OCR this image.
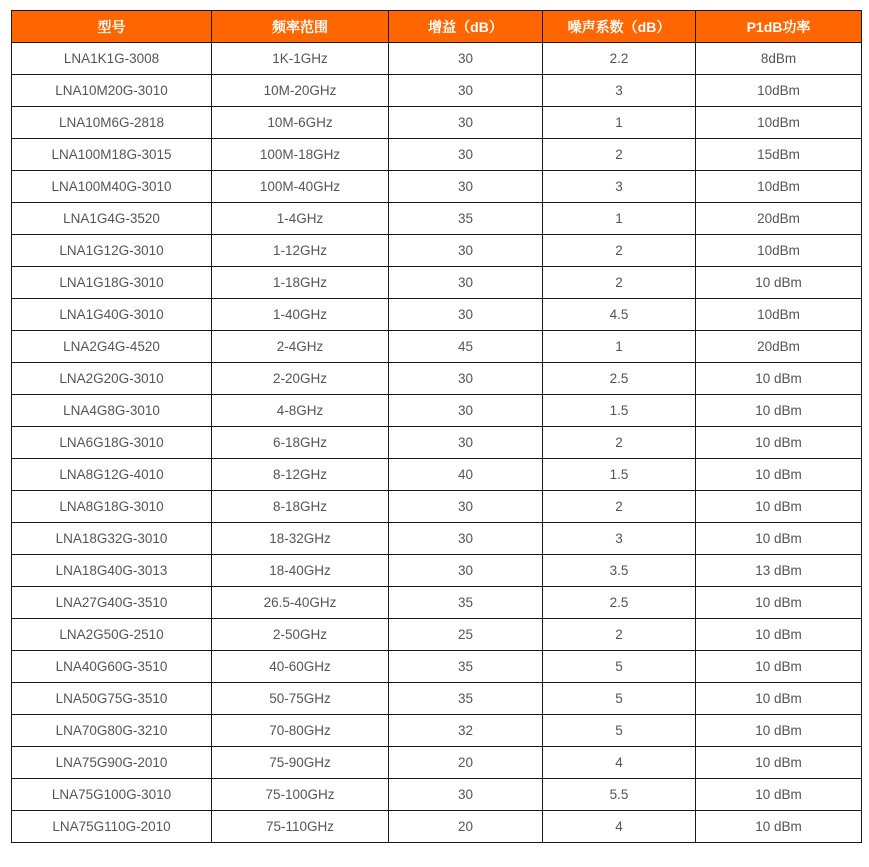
型号	频率范围	增益（dB）	噪声系数（dB）	P1dB功率
LNA1K1G-3008	1K-1GHz	30	2.2	8dBm
LNA10M20G-3010	10M-20GHz	30	3	10dBm
LNA10M6G-2818	10M-6GHz	30	1	10dBm
LNA100M18G-3015	100M-18GHz	30	2	15dBm
LNA100M40G-3010	100M-40GHz	30	3	10dBm
LNA1G4G-3520	1-4GHz	35	1	20dBm
LNA1G12G-3010	1-12GHz	30	2	10dBm
LNA1G18G-3010	1-18GHz	30	2	10 dBm
LNA1G40G-3010	1-40GHz	30	4.5	10dBm
LNA2G4G-4520	2-4GHz	45	1	20dBm
LNA2G20G-3010	2-20GHz	30	2.5	10 dBm
LNA4G8G-3010	4-8GHz	30	1.5	10 dBm
LNA6G18G-3010	6-18GHz	30	2	10 dBm
LNA8G12G-4010	8-12GHz	40	1.5	10 dBm
LNA8G18G-3010	8-18GHz	30	2	10 dBm
LNA18G32G-3010	18-32GHz	30	3	10 dBm
LNA18G40G-3013	18-40GHz	30	3.5	13 dBm
LNA27G40G-3510	26.5-40GHz	35	2.5	10 dBm
LNA2G50G-2510	2-50GHz	25	2	10 dBm
LNA40G60G-3510	40-60GHz	35	5	10 dBm
LNA50G75G-3510	50-75GHz	35	5	10 dBm
LNA70G80G-3210	70-80GHz	32	5	10 dBm
LNA75G90G-2010	75-90GHz	20	4	10 dBm
LNA75G100G-3010	75-100GHz	30	5.5	10 dBm
LNA75G110G-2010	75-110GHz	20	4	10 dBm
